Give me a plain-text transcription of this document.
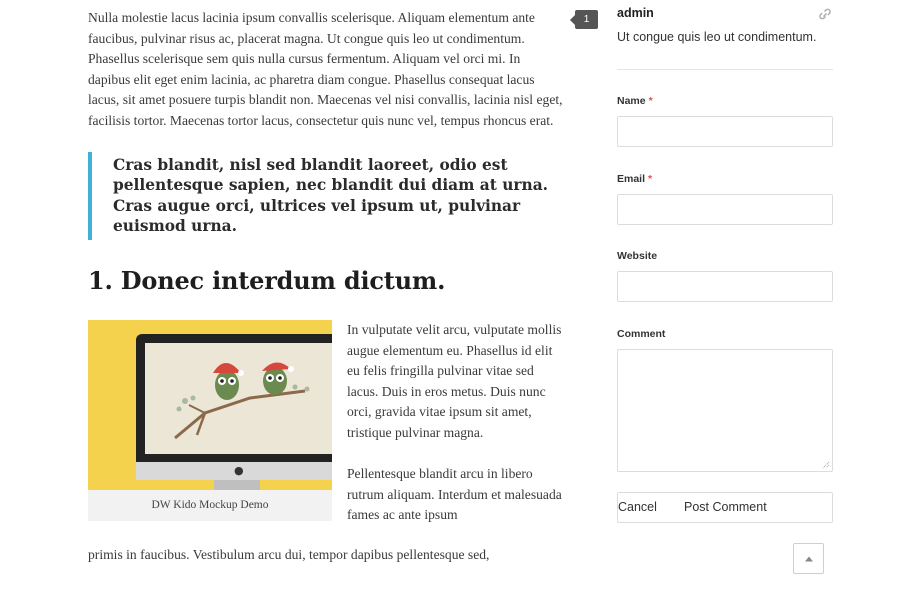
Nulla molestie lacus lacinia ipsum convallis scelerisque. Aliquam elementum ante faucibus, pulvinar risus ac, placerat magna. Ut congue quis leo ut condimentum. Phasellus scelerisque sem quis nulla cursus fermentum. Aliquam vel orci mi. In dapibus elit eget enim lacinia, ac pharetra diam congue. Phasellus consequat lacus lacus, sit amet posuere turpis blandit non. Maecenas vel nisi convallis, lacinia nisl eget, facilisis tortor. Maecenas tortor lacus, consectetur quis nunc vel, tempus rhoncus erat.

Cras blandit, nisl sed blandit laoreet, odio est pellentesque sapien, nec blandit dui diam at urna. Cras augue orci, ultrices vel ipsum ut, pulvinar euismod urna.

1. Donec interdum dictum.
●
DW Kido Mockup Demo

In vulputate velit arcu, vulputate mollis augue elementum eu. Phasellus id elit eu felis fringilla pulvinar vitae sed lacus. Duis in eros metus. Duis nunc orci, gravida vitae ipsum sit amet, tristique pulvinar magna.

Pellentesque blandit arcu in libero rutrum aliquam. Interdum et malesuada fames ac ante ipsum

primis in faucibus. Vestibulum arcu dui, tempor dapibus pellentesque sed,

1	admin
Ut congue quis leo ut condimentum.
Name *
Email *
Website
Comment
Cancel Post Comment
